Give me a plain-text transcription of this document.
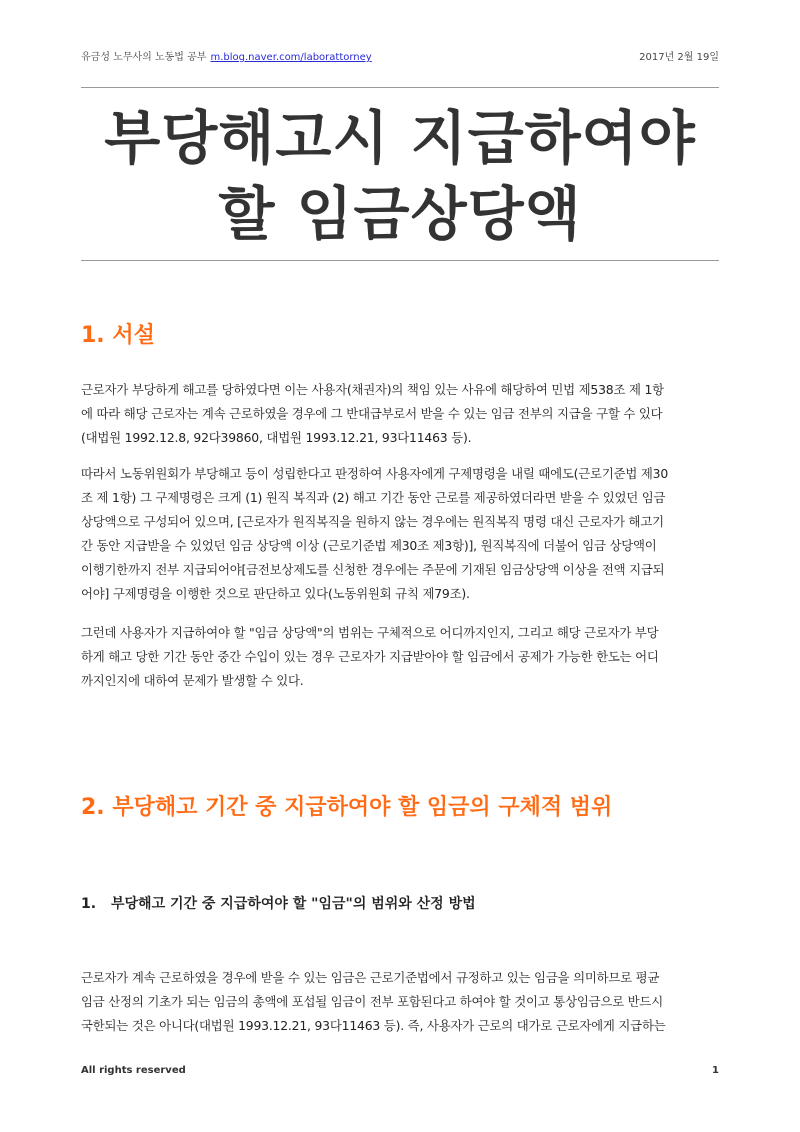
유금성 노무사의 노동법 공부 m.blog.naver.com/laborattorney	2017년 2월 19일
부당해고시 지급하여야
할 임금상당액
1. 서설

근로자가 부당하게 해고를 당하였다면 이는 사용자(채권자)의 책임 있는 사유에 해당하여 민법 제538조 제 1항
에 따라 해당 근로자는 계속 근로하였을 경우에 그 반대급부로서 받을 수 있는 임금 전부의 지급을 구할 수 있다
(대법원 1992.12.8, 92다39860, 대법원 1993.12.21, 93다11463 등).

따라서 노동위원회가 부당해고 등이 성립한다고 판정하여 사용자에게 구제명령을 내릴 때에도(근로기준법 제30
조 제 1항) 그 구제명령은 크게 (1) 원직 복직과 (2) 해고 기간 동안 근로를 제공하였더라면 받을 수 있었던 임금
상당액으로 구성되어 있으며, [근로자가 원직복직을 원하지 않는 경우에는 원직복직 명령 대신 근로자가 해고기
간 동안 지급받을 수 있었던 임금 상당액 이상 (근로기준법 제30조 제3항)], 원직복직에 더불어 임금 상당액이
이행기한까지 전부 지급되어야[금전보상제도를 신청한 경우에는 주문에 기재된 임금상당액 이상을 전액 지급되
어야] 구제명령을 이행한 것으로 판단하고 있다(노동위원회 규칙 제79조).

그런데 사용자가 지급하여야 할 "임금 상당액"의 범위는 구체적으로 어디까지인지, 그리고 해당 근로자가 부당
하게 해고 당한 기간 동안 중간 수입이 있는 경우 근로자가 지급받아야 할 임금에서 공제가 가능한 한도는 어디
까지인지에 대하여 문제가 발생할 수 있다.

2. 부당해고 기간 중 지급하여야 할 임금의 구체적 범위
1. 부당해고 기간 중 지급하여야 할 "임금"의 범위와 산정 방법

근로자가 계속 근로하였을 경우에 받을 수 있는 임금은 근로기준법에서 규정하고 있는 임금을 의미하므로 평균
임금 산정의 기초가 되는 임금의 총액에 포섭될 임금이 전부 포함된다고 하여야 할 것이고 통상임금으로 반드시
국한되는 것은 아니다(대법원 1993.12.21, 93다11463 등). 즉, 사용자가 근로의 대가로 근로자에게 지급하는

All rights reserved	1
